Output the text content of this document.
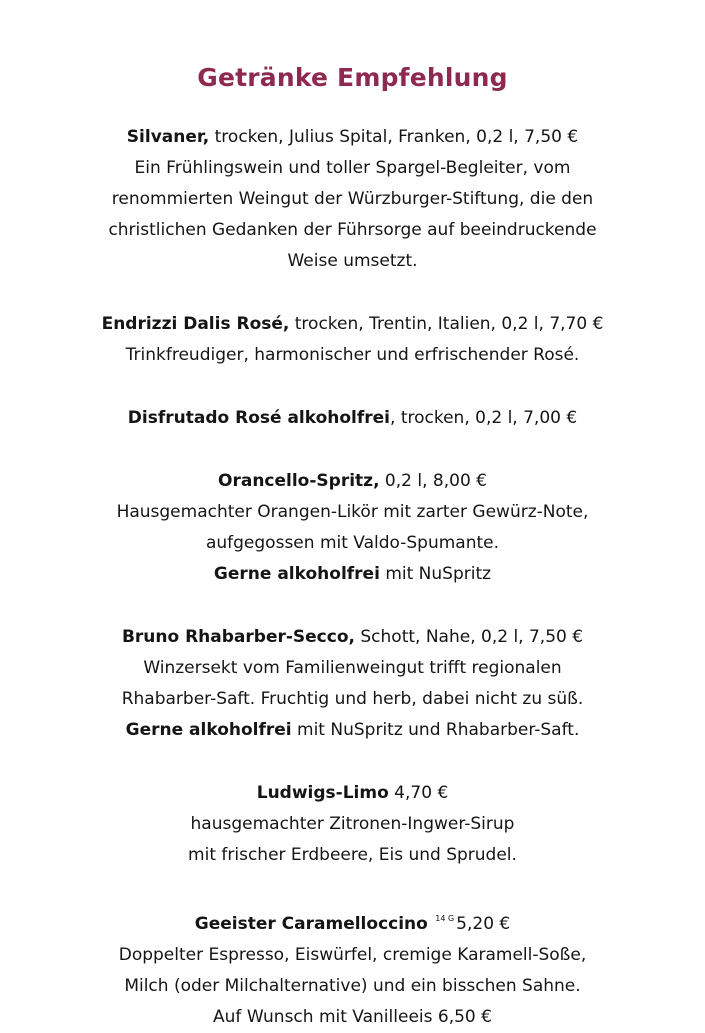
Getränke Empfehlung
Silvaner, trocken, Julius Spital, Franken, 0,2 l, 7,50 €
Ein Frühlingswein und toller Spargel-Begleiter, vom
renommierten Weingut der Würzburger-Stiftung, die den
christlichen Gedanken der Führsorge auf beeindruckende
Weise umsetzt.
Endrizzi Dalis Rosé, trocken, Trentin, Italien, 0,2 l, 7,70 €
Trinkfreudiger, harmonischer und erfrischender Rosé.
Disfrutado Rosé alkoholfrei, trocken, 0,2 l, 7,00 €
Orancello-Spritz, 0,2 l, 8,00 €
Hausgemachter Orangen-Likör mit zarter Gewürz-Note,
aufgegossen mit Valdo-Spumante.
Gerne alkoholfrei mit NuSpritz
Bruno Rhabarber-Secco, Schott, Nahe, 0,2 l, 7,50 €
Winzersekt vom Familienweingut trifft regionalen
Rhabarber-Saft. Fruchtig und herb, dabei nicht zu süß.
Gerne alkoholfrei mit NuSpritz und Rhabarber-Saft.
Ludwigs-Limo 4,70 €
hausgemachter Zitronen-Ingwer-Sirup
mit frischer Erdbeere, Eis und Sprudel.
Geeister Caramelloccino $^{14 G}$ 5,20 €
Doppelter Espresso, Eiswürfel, cremige Karamell-Soße,
Milch (oder Milchalternative) und ein bisschen Sahne.
Auf Wunsch mit Vanilleeis 6,50 €
